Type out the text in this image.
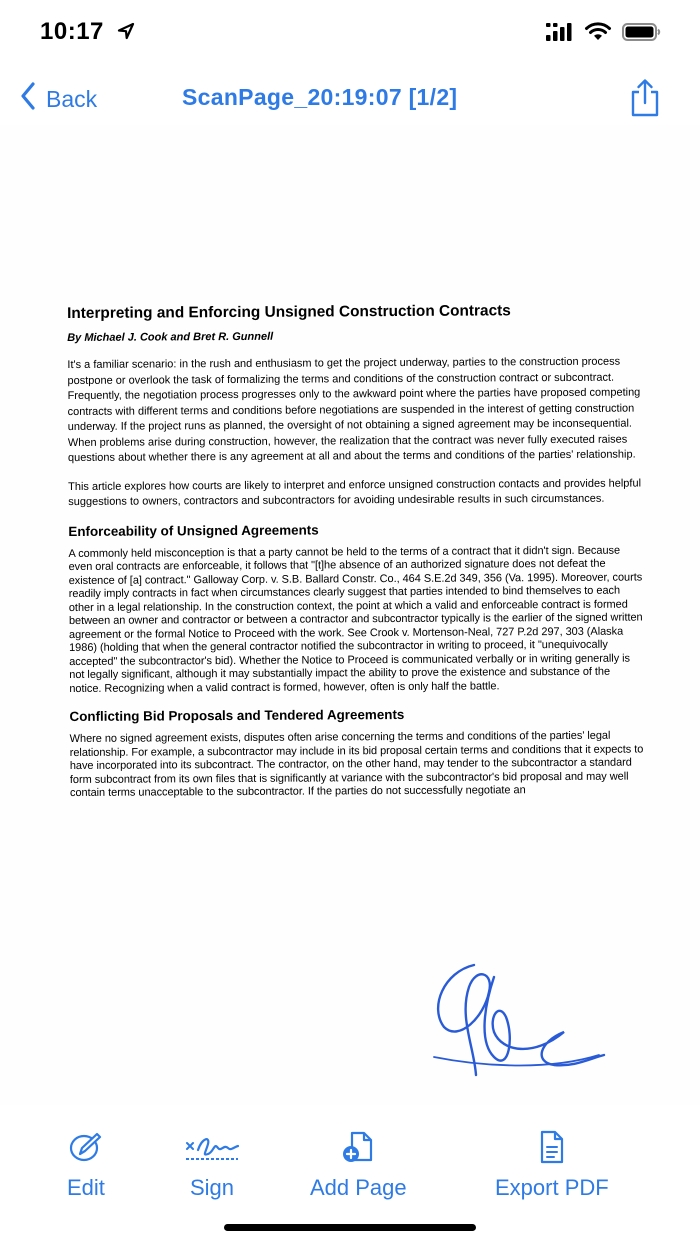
10:17
Back	ScanPage_20:19:07 [1/2]
Interpreting and Enforcing Unsigned Construction Contracts
By Michael J. Cook and Bret R. Gunnell

It's a familiar scenario: in the rush and enthusiasm to get the project underway, parties to the construction process postpone or overlook the task of formalizing the terms and conditions of the construction contract or subcontract. Frequently, the negotiation process progresses only to the awkward point where the parties have proposed competing contracts with different terms and conditions before negotiations are suspended in the interest of getting construction underway. If the project runs as planned, the oversight of not obtaining a signed agreement may be inconsequential. When problems arise during construction, however, the realization that the contract was never fully executed raises questions about whether there is any agreement at all and about the terms and conditions of the parties' relationship.

This article explores how courts are likely to interpret and enforce unsigned construction contacts and provides helpful suggestions to owners, contractors and subcontractors for avoiding undesirable results in such circumstances.

Enforceability of Unsigned Agreements

A commonly held misconception is that a party cannot be held to the terms of a contract that it didn't sign. Because even oral contracts are enforceable, it follows that "[t]he absence of an authorized signature does not defeat the existence of [a] contract." Galloway Corp. v. S.B. Ballard Constr. Co., 464 S.E.2d 349, 356 (Va. 1995). Moreover, courts readily imply contracts in fact when circumstances clearly suggest that parties intended to bind themselves to each other in a legal relationship. In the construction context, the point at which a valid and enforceable contract is formed between an owner and contractor or between a contractor and subcontractor typically is the earlier of the signed written agreement or the formal Notice to Proceed with the work. See Crook v. Mortenson-Neal, 727 P.2d 297, 303 (Alaska 1986) (holding that when the general contractor notified the subcontractor in writing to proceed, it "unequivocally accepted" the subcontractor's bid). Whether the Notice to Proceed is communicated verbally or in writing generally is not legally significant, although it may substantially impact the ability to prove the existence and substance of the notice. Recognizing when a valid contract is formed, however, often is only half the battle.

Conflicting Bid Proposals and Tendered Agreements

Where no signed agreement exists, disputes often arise concerning the terms and conditions of the parties' legal relationship. For example, a subcontractor may include in its bid proposal certain terms and conditions that it expects to have incorporated into its subcontract. The contractor, on the other hand, may tender to the subcontractor a standard form subcontract from its own files that is significantly at variance with the subcontractor's bid proposal and may well contain terms unacceptable to the subcontractor. If the parties do not successfully negotiate an

Edit	Sign	Add Page	Export PDF
